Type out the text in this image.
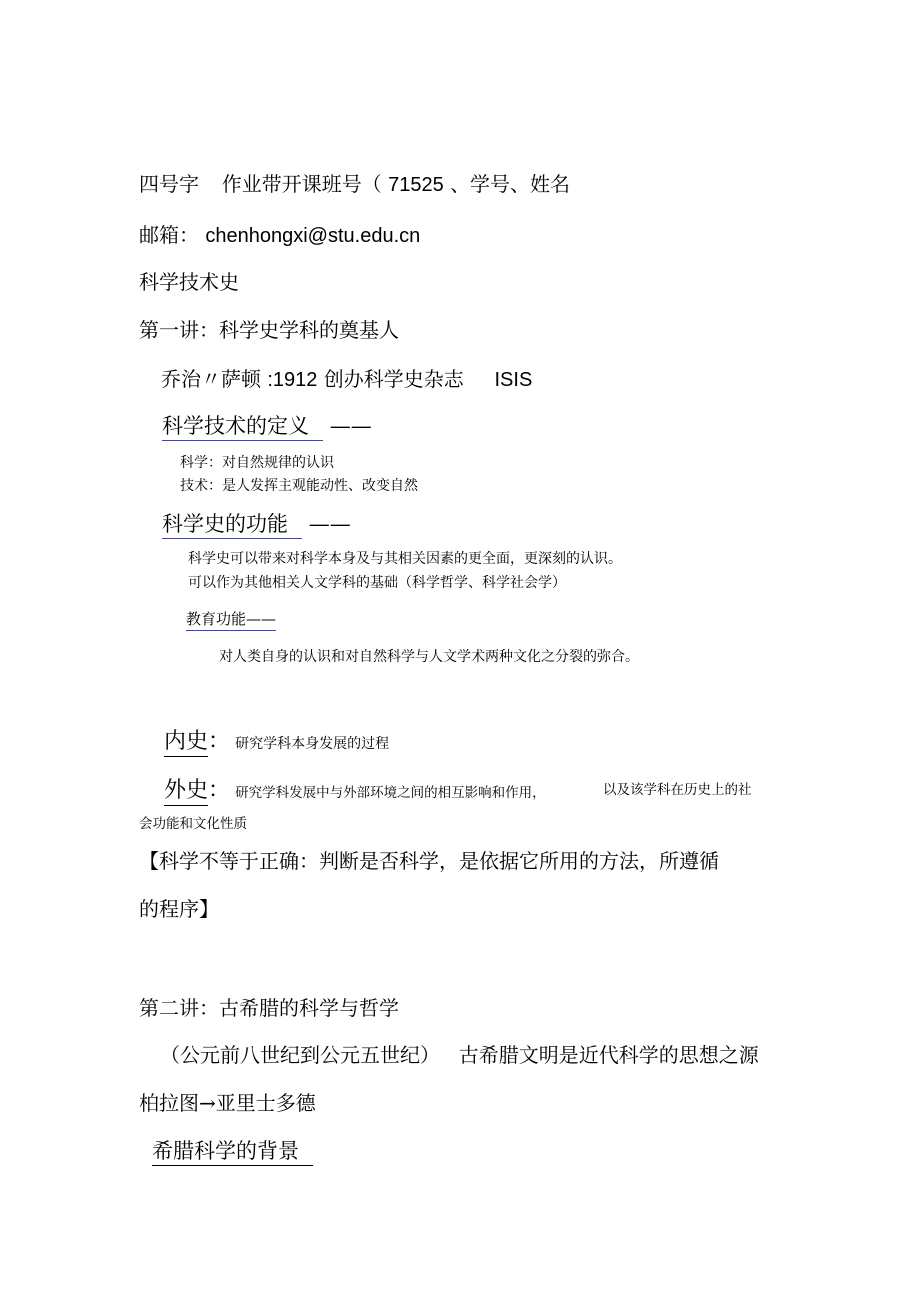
四号字 作业带开课班号（ 71525 、学号、姓名
邮箱： chenhongxi@stu.edu.cn
科学技术史
第一讲：科学史学科的奠基人
乔治〃萨顿 :1912 创办科学史杂志 ISIS
科学技术的定义 ——
科学：对自然规律的认识
技术：是人发挥主观能动性、改变自然
科学史的功能 ——
科学史可以带来对科学本身及与其相关因素的更全面，更深刻的认识。
可以作为其他相关人文学科的基础（科学哲学、科学社会学）
教育功能——
对人类自身的认识和对自然科学与人文学术两种文化之分裂的弥合。
内史： 研究学科本身发展的过程
外史： 研究学科发展中与外部环境之间的相互影响和作用，	以及该学科在历史上的社
会功能和文化性质
【科学不等于正确：判断是否科学，是依据它所用的方法，所遵循
的程序】
第二讲：古希腊的科学与哲学
（公元前八世纪到公元五世纪） 古希腊文明是近代科学的思想之源
柏拉图→亚里士多德
希腊科学的背景
